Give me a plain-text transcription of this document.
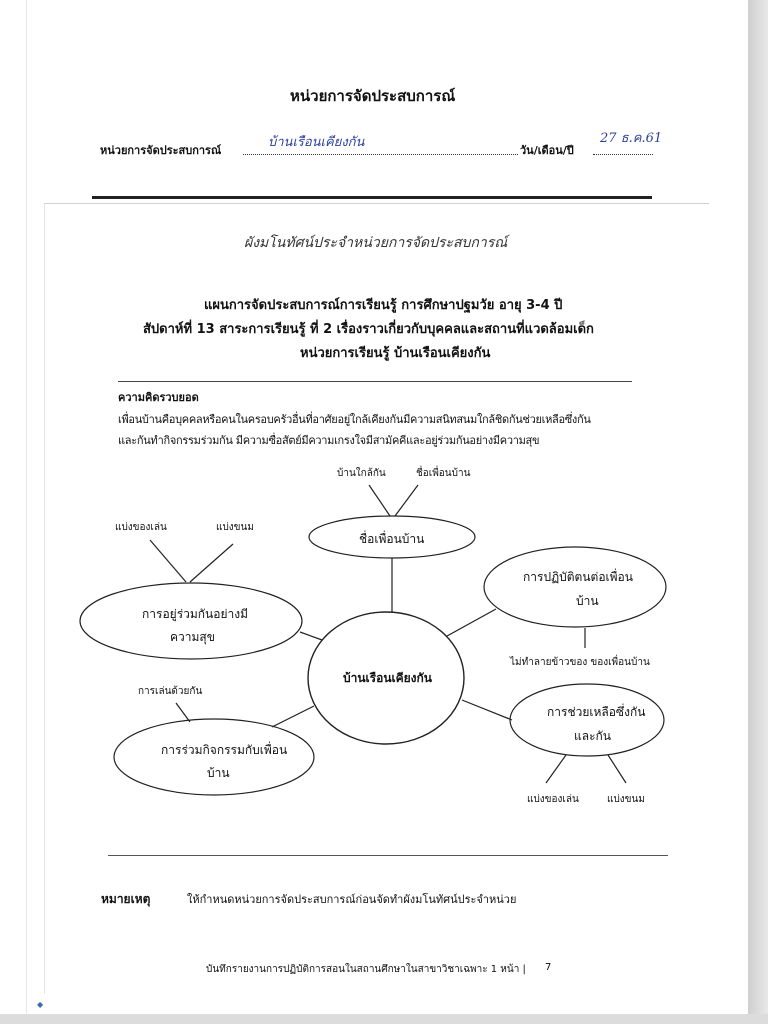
หน่วยการจัดประสบการณ์
หน่วยการจัดประสบการณ์
บ้านเรือนเคียงกัน
วัน/เดือน/ปี
27 ธ.ค.61
ผังมโนทัศน์ประจำหน่วยการจัดประสบการณ์
แผนการจัดประสบการณ์การเรียนรู้ การศึกษาปฐมวัย อายุ 3-4 ปี
สัปดาห์ที่ 13 สาระการเรียนรู้ ที่ 2 เรื่องราวเกี่ยวกับบุคคลและสถานที่แวดล้อมเด็ก
หน่วยการเรียนรู้ บ้านเรือนเคียงกัน
ความคิดรวบยอด
เพื่อนบ้านคือบุคคลหรือคนในครอบครัวอื่นที่อาศัยอยู่ใกล้เคียงกันมีความสนิทสนมใกล้ชิดกันช่วยเหลือซึ่งกัน
และกันทำกิจกรรมร่วมกัน มีความซื่อสัตย์มีความเกรงใจมีสามัคคีและอยู่ร่วมกันอย่างมีความสุข
บ้านเรือนเคียงกัน
ชื่อเพื่อนบ้าน
บ้านใกล้กัน	ชื่อเพื่อนบ้าน
การอยู่ร่วมกันอย่างมี
ความสุข
แบ่งของเล่น	แบ่งขนม
การปฏิบัติตนต่อเพื่อน
บ้าน
ไม่ทำลายข้าวของ ของเพื่อนบ้าน
การร่วมกิจกรรมกับเพื่อน
บ้าน
การเล่นด้วยกัน
การช่วยเหลือซึ่งกัน
และกัน
แบ่งของเล่น	แบ่งขนม
หมายเหตุ	ให้กำหนดหน่วยการจัดประสบการณ์ก่อนจัดทำผังมโนทัศน์ประจำหน่วย
บันทึกรายงานการปฏิบัติการสอนในสถานศึกษาในสาขาวิชาเฉพาะ 1 หน้า | 7
◆
